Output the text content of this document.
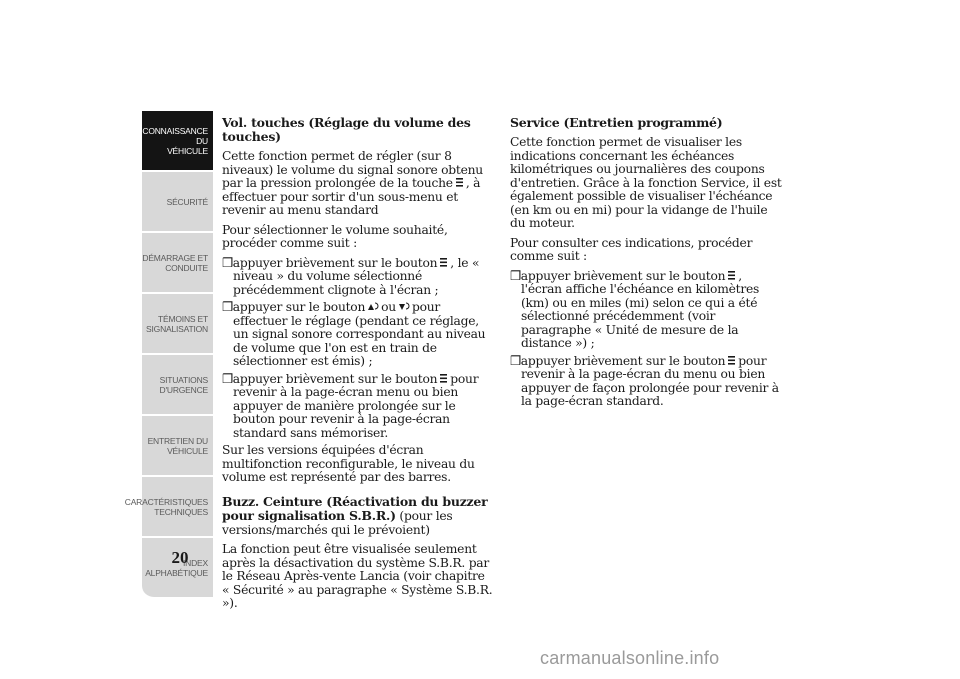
CONNAISSANCE DU
VÉHICULE
SÉCURITÉ
DÉMARRAGE ET
CONDUITE
TÉMOINS ET
SIGNALISATION
SITUATIONS
D'URGENCE
ENTRETIEN DU
VÉHICULE
CARACTÉRISTIQUES
TECHNIQUES
INDEX
ALPHABÉTIQUE
20
Vol. touches (Réglage du volume des touches)

Cette fonction permet de régler (sur 8 niveaux) le volume du signal sonore obtenu par la pression prolongée de la touche , à effectuer pour sortir d'un sous-menu et revenir au menu standard

Pour sélectionner le volume souhaité, procéder comme suit :

❒appuyer brièvement sur le bouton , le « niveau » du volume sélectionné précédemment clignote à l'écran ;

❒appuyer sur le bouton ou pour effectuer le réglage (pendant ce réglage, un signal sonore correspondant au niveau de volume que l'on est en train de sélectionner est émis) ;

❒appuyer brièvement sur le bouton pour revenir à la page-écran menu ou bien appuyer de manière prolongée sur le bouton pour revenir à la page-écran standard sans mémoriser.

Sur les versions équipées d'écran multifonction reconfigurable, le niveau du volume est représenté par des barres.

Buzz. Ceinture (Réactivation du buzzer pour signalisation S.B.R.) (pour les versions/marchés qui le prévoient)

La fonction peut être visualisée seulement après la désactivation du système S.B.R. par le Réseau Après-vente Lancia (voir chapitre « Sécurité » au paragraphe « Système S.B.R. »).

Service (Entretien programmé)

Cette fonction permet de visualiser les indications concernant les échéances kilométriques ou journalières des coupons d'entretien. Grâce à la fonction Service, il est également possible de visualiser l'échéance (en km ou en mi) pour la vidange de l'huile du moteur.

Pour consulter ces indications, procéder comme suit :

❒appuyer brièvement sur le bouton , l'écran affiche l'échéance en kilomètres (km) ou en miles (mi) selon ce qui a été sélectionné précédemment (voir paragraphe « Unité de mesure de la distance ») ;

❒appuyer brièvement sur le bouton pour revenir à la page-écran du menu ou bien appuyer de façon prolongée pour revenir à la page-écran standard.

carmanualsonline.info
